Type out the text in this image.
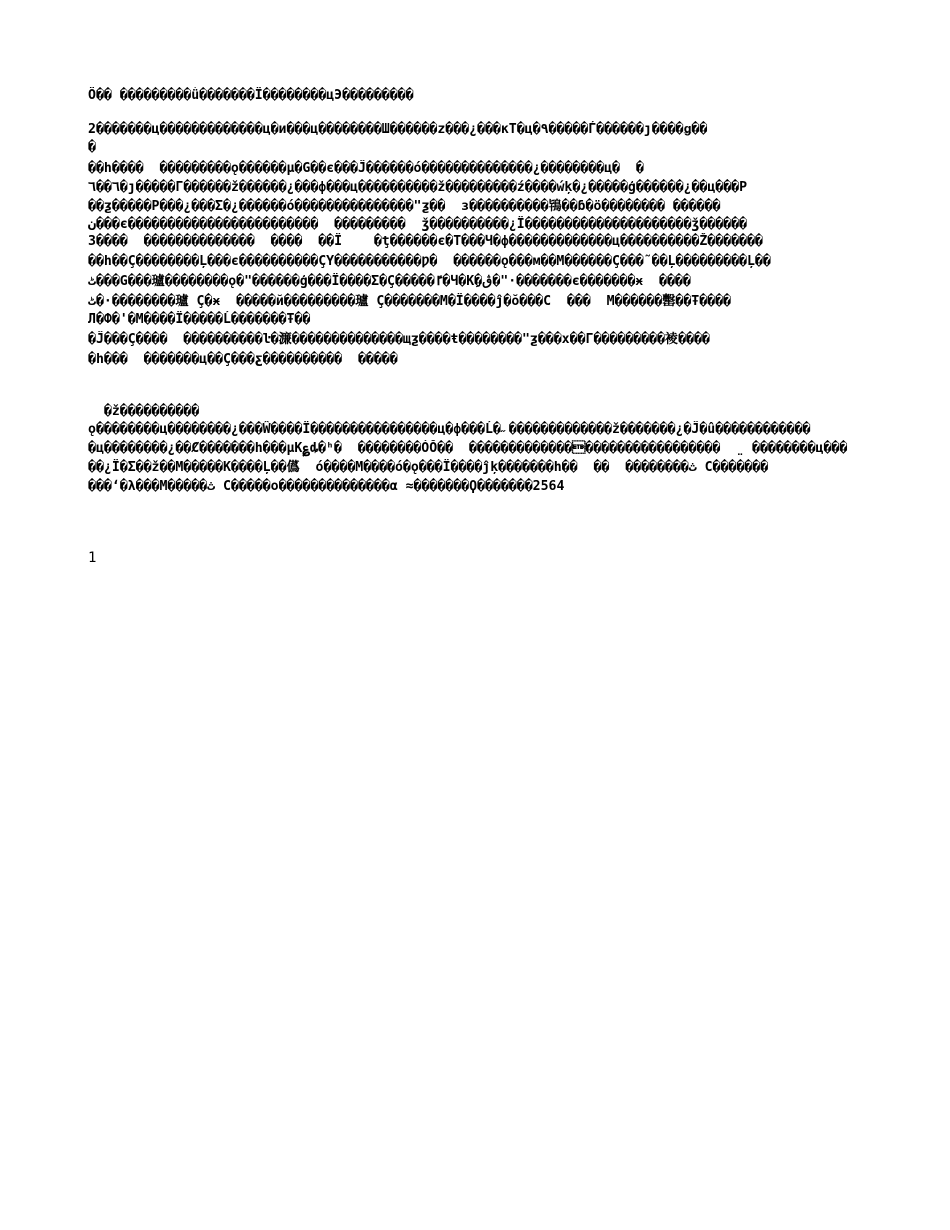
Ö�� ���������ǜ�������Ï��������цЭ���������
2�������ц�������������ц�и���ц��������Ш������z���¿���кТ�ц�٩�����Ѓ������ȷ����ǥ��
�
��h����  ���������ǫ������µ�G��є���Ĵ������ó��������������¿��������ц�  �
٦��٦�ȷ�����Г������ž������¿���ф���ц����������ž���������ź����ẃķ�¿�����ģ������¿��ц���P
��ƺ�����P���¿���Σ�¿������ó���������������"ƺ��  з����������鴇��ɓ�ö�������� ������
ن���є������������������������  ���������  ǯ����������¿Ï���������������������ǯ������
З����  ��������������  ����  ��Ï    �ţ������є�Т���Ч�ф�������������ц����������Ž�������
��h��Ç��������Ļ���є����������ÇΥ�����������Ƿ�  ������ǫ���м��М������Ç���˜��Ļ���������Ļ��
ٹ���G���瓐��������ǫ�"������ģ���Ï����Σ�Ç�����ٵ�Ч�Кِ�ڨ�"·�������є�������ӿ  ����
ٹ�·��������瓐 Ç�ӿ  �����й���������瓐 Ç�������М�Ï����ĵ�ŏ���C  ���  М������罊��Ŧ����
Л�Ф�'�М����Ï�����Ĺ�������Ŧ��
�Ĵ���Ç����  ����������ŀ�濂��������������щƺ����ŧ��������"ƺ���х��Г���������裬����
�h���  �������ц��Ç���ƹ����������  �����
�ž����������
ǫ��������ц��������¿���Ŵ����Ï����������������ц�ф���Ĺ�˶�������������ž�������¿�Ĵ�û������������
�ц��������¿��Ȼ�������h���µК؏ȡ�ʰ�  ��������ÓŎ��  ������������������������������  ̤ ��������ц���
��¿Ï�Σ��ž��М�����К����Ļ��儰  ó����М����ó�ǫ���Ï����ĵķ�������h��  ��  ��������ث C�������
���ʻ�λ���М�����ث C�����о��������������α ≈�������Ϙ�������2564
1
